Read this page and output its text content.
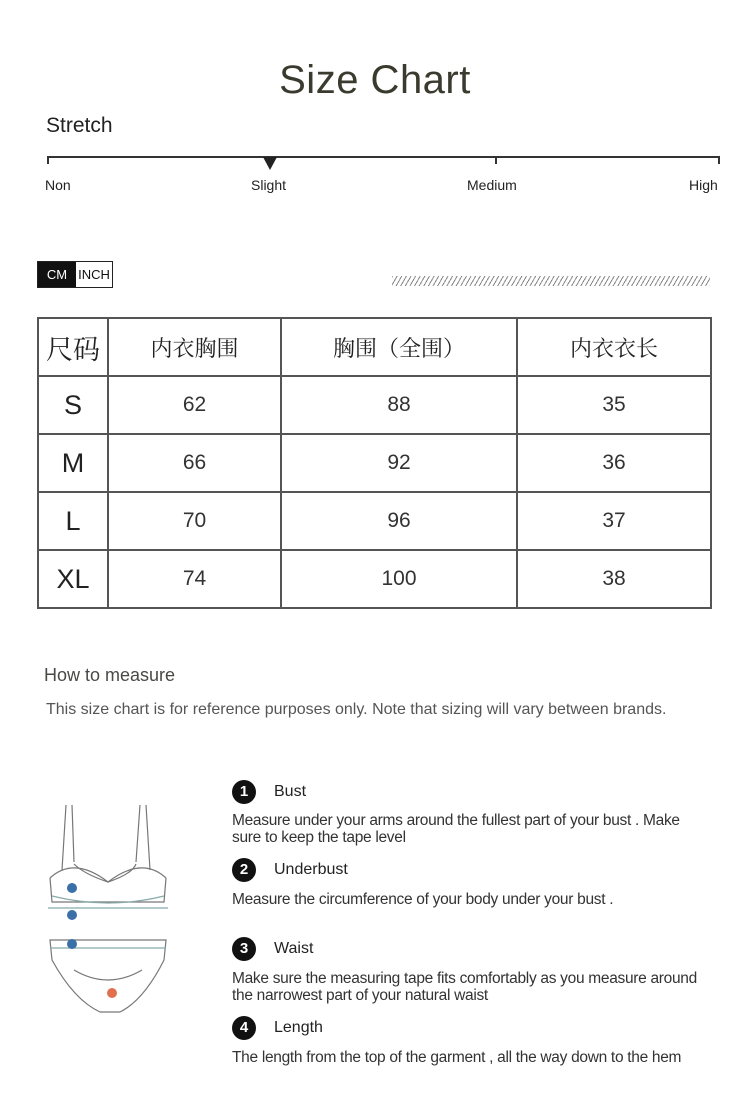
Size Chart
Stretch
Non	Slight	Medium	High
CM INCH
尺码	内衣胸围	胸围（全围）	内衣衣长
S	62	88	35
M	66	92	36
L	70	96	37
XL	74	100	38
How to measure
This size chart is for reference purposes only. Note that sizing will vary between brands.
1	Bust
Measure under your arms around the fullest part of your bust . Make sure to keep the tape level
2	Underbust
Measure the circumference of your body under your bust .
3	Waist
Make sure the measuring tape fits comfortably as you measure around the narrowest part of your natural waist
4	Length
The length from the top of the garment , all the way down to the hem
